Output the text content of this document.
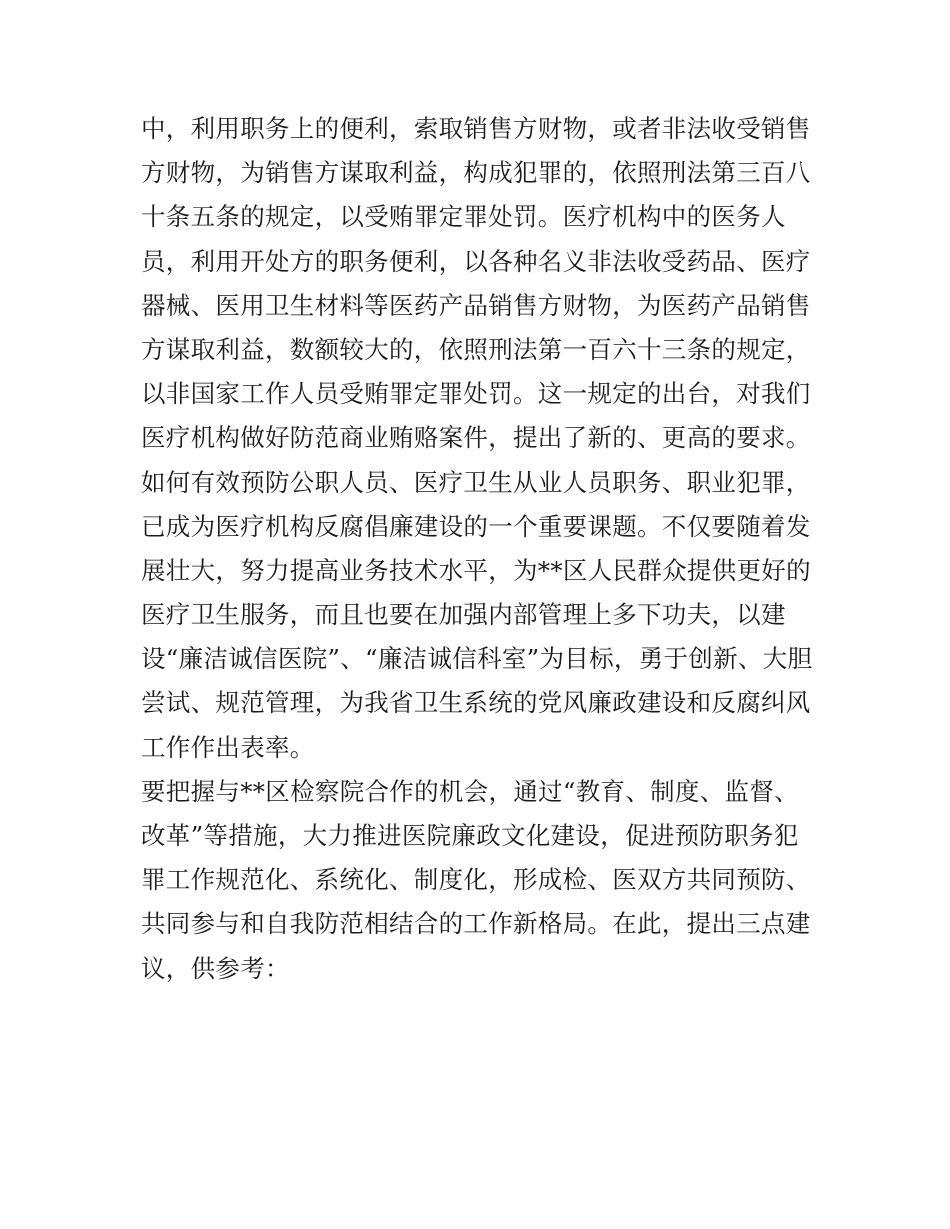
中，利用职务上的便利，索取销售方财物，或者非法收受销售
方财物，为销售方谋取利益，构成犯罪的，依照刑法第三百八
十条五条的规定，以受贿罪定罪处罚。医疗机构中的医务人
员，利用开处方的职务便利，以各种名义非法收受药品、医疗
器械、医用卫生材料等医药产品销售方财物，为医药产品销售
方谋取利益，数额较大的，依照刑法第一百六十三条的规定，
以非国家工作人员受贿罪定罪处罚。这一规定的出台，对我们
医疗机构做好防范商业贿赂案件，提出了新的、更高的要求。
如何有效预防公职人员、医疗卫生从业人员职务、职业犯罪，
已成为医疗机构反腐倡廉建设的一个重要课题。不仅要随着发
展壮大，努力提高业务技术水平，为**区人民群众提供更好的
医疗卫生服务，而且也要在加强内部管理上多下功夫，以建
设“廉洁诚信医院”、“廉洁诚信科室”为目标，勇于创新、大胆
尝试、规范管理，为我省卫生系统的党风廉政建设和反腐纠风
工作作出表率。
要把握与**区检察院合作的机会，通过“教育、制度、监督、
改革”等措施，大力推进医院廉政文化建设，促进预防职务犯
罪工作规范化、系统化、制度化，形成检、医双方共同预防、
共同参与和自我防范相结合的工作新格局。在此，提出三点建
议，供参考：
